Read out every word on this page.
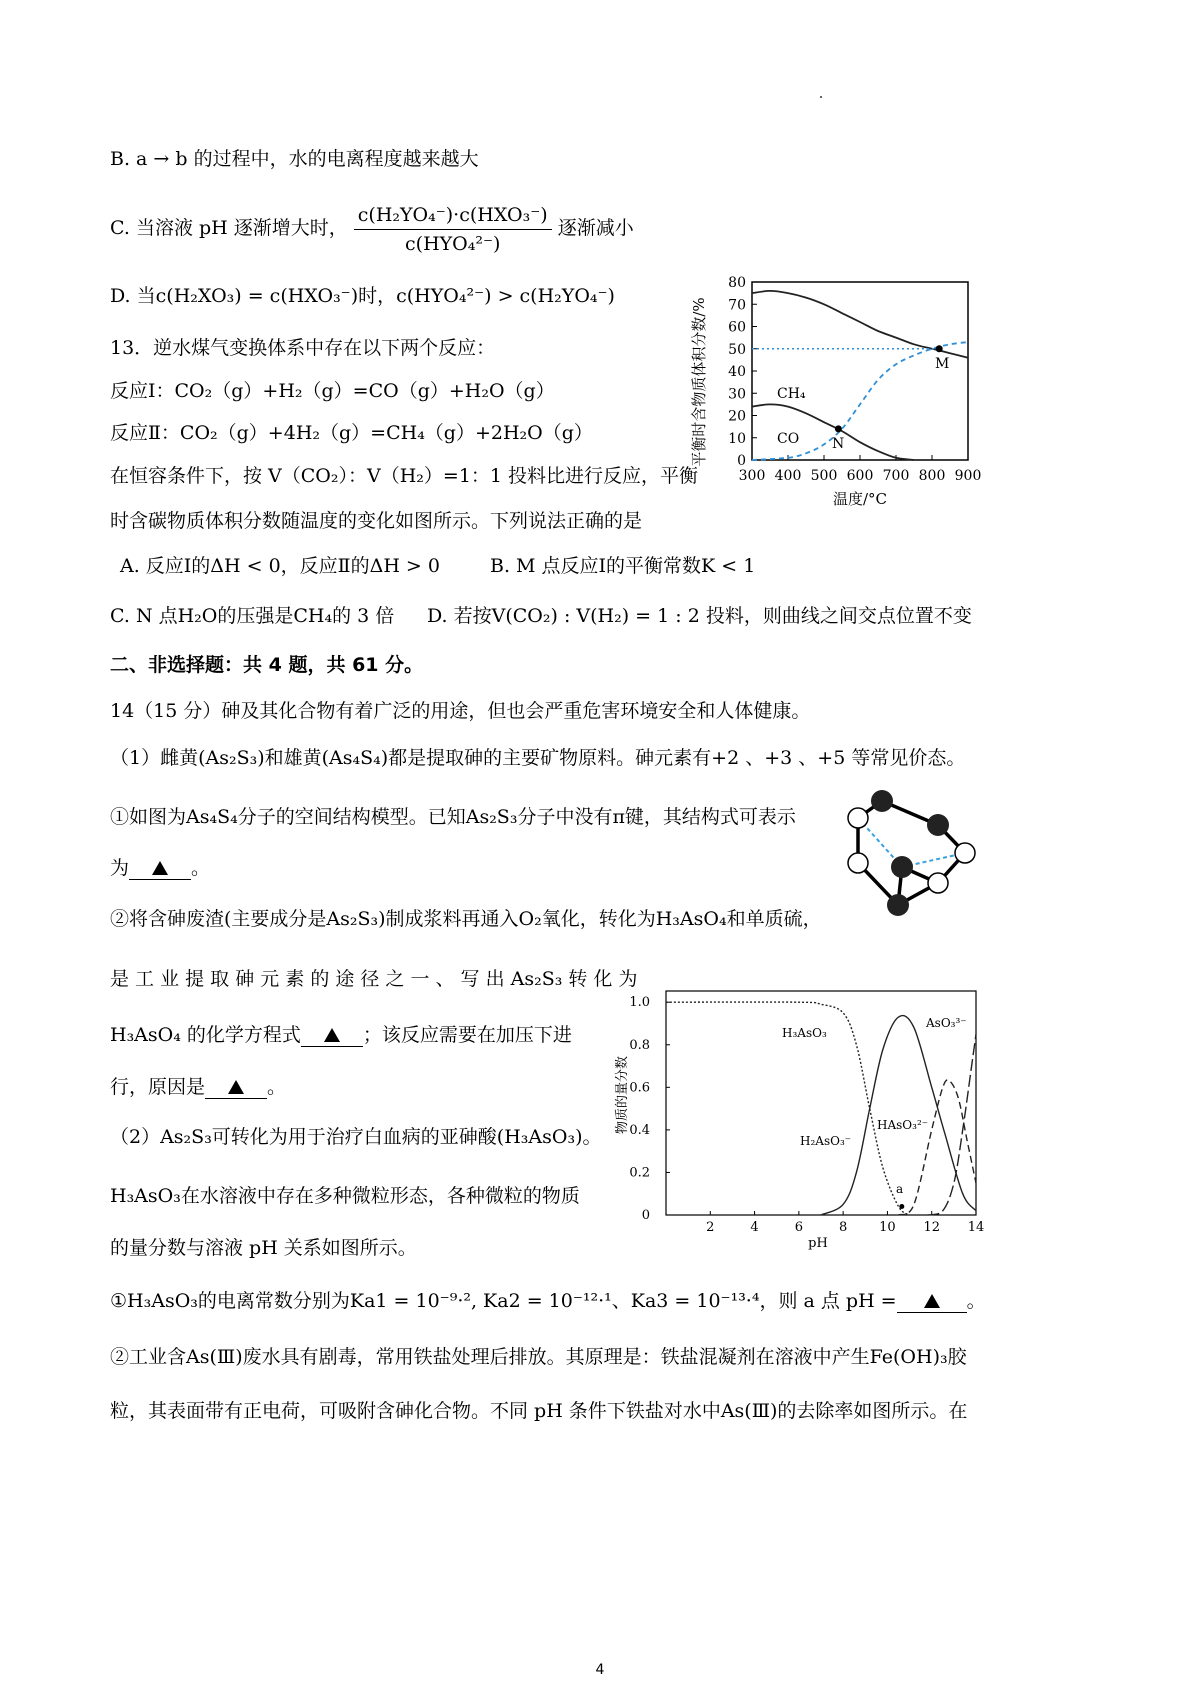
B. a → b 的过程中，水的电离程度越来越大
C. 当溶液 pH 逐渐增大时， $\frac{\text{c(H₂YO₄⁻)·c(HXO₃⁻)}}{\text{c(HYO₄²⁻)}}$ 逐渐减小
D. 当c(H₂XO₃) = c(HXO₃⁻)时，c(HYO₄²⁻) > c(H₂YO₄⁻)
13．逆水煤气变换体系中存在以下两个反应：
反应Ⅰ：CO₂（g）+H₂（g）=CO（g）+H₂O（g）
反应Ⅱ：CO₂（g）+4H₂（g）=CH₄（g）+2H₂O（g）
在恒容条件下，按 V（CO₂）：V（H₂）=1：1 投料比进行反应，平衡
时含碳物质体积分数随温度的变化如图所示。下列说法正确的是
A. 反应Ⅰ的ΔH < 0，反应Ⅱ的ΔH > 0	B. M 点反应Ⅰ的平衡常数K < 1
C. N 点H₂O的压强是CH₄的 3 倍 D. 若按V(CO₂) : V(H₂) = 1 : 2 投料，则曲线之间交点位置不变
平衡时含物质体积分数/% 0
10
20
30
40
50
60
70
80
300 400 500 600 700 800 900
CH₄
CO
M
N
温度/°C
二、非选择题：共 4 题，共 61 分。
14（15 分）砷及其化合物有着广泛的用途，但也会严重危害环境安全和人体健康。
（1）雌黄(As₂S₃)和雄黄(As₄S₄)都是提取砷的主要矿物原料。砷元素有+2 、+3 、+5 等常见价态。
①如图为As₄S₄分子的空间结构模型。已知As₂S₃分子中没有π键，其结构式可表示
为	。
②将含砷废渣(主要成分是As₂S₃)制成浆料再通入O₂氧化，转化为H₃AsO₄和单质硫，
是 工 业 提 取 砷 元 素 的 途 径 之 一 、 写 出 As₂S₃ 转 化 为
H₃AsO₄ 的化学方程式	；该反应需要在加压下进
行，原因是	。
（2）As₂S₃可转化为用于治疗白血病的亚砷酸(H₃AsO₃)。
H₃AsO₃在水溶液中存在多种微粒形态，各种微粒的物质
的量分数与溶液 pH 关系如图所示。
物质的量分数
0
0.2
0.4
0.6
0.8
1.0
2	4	6	8 10 12 14
H₃AsO₃
H₂AsO₃⁻
HAsO₃²⁻
AsO₃³⁻
a
pH
①H₃AsO₃的电离常数分别为Ka1 = 10⁻⁹·², Ka2 = 10⁻¹²·¹、Ka3 = 10⁻¹³·⁴，则 a 点 pH =	。
②工业含As(Ⅲ)废水具有剧毒，常用铁盐处理后排放。其原理是：铁盐混凝剂在溶液中产生Fe(OH)₃胶
粒，其表面带有正电荷，可吸附含砷化合物。不同 pH 条件下铁盐对水中As(Ⅲ)的去除率如图所示。在
4
